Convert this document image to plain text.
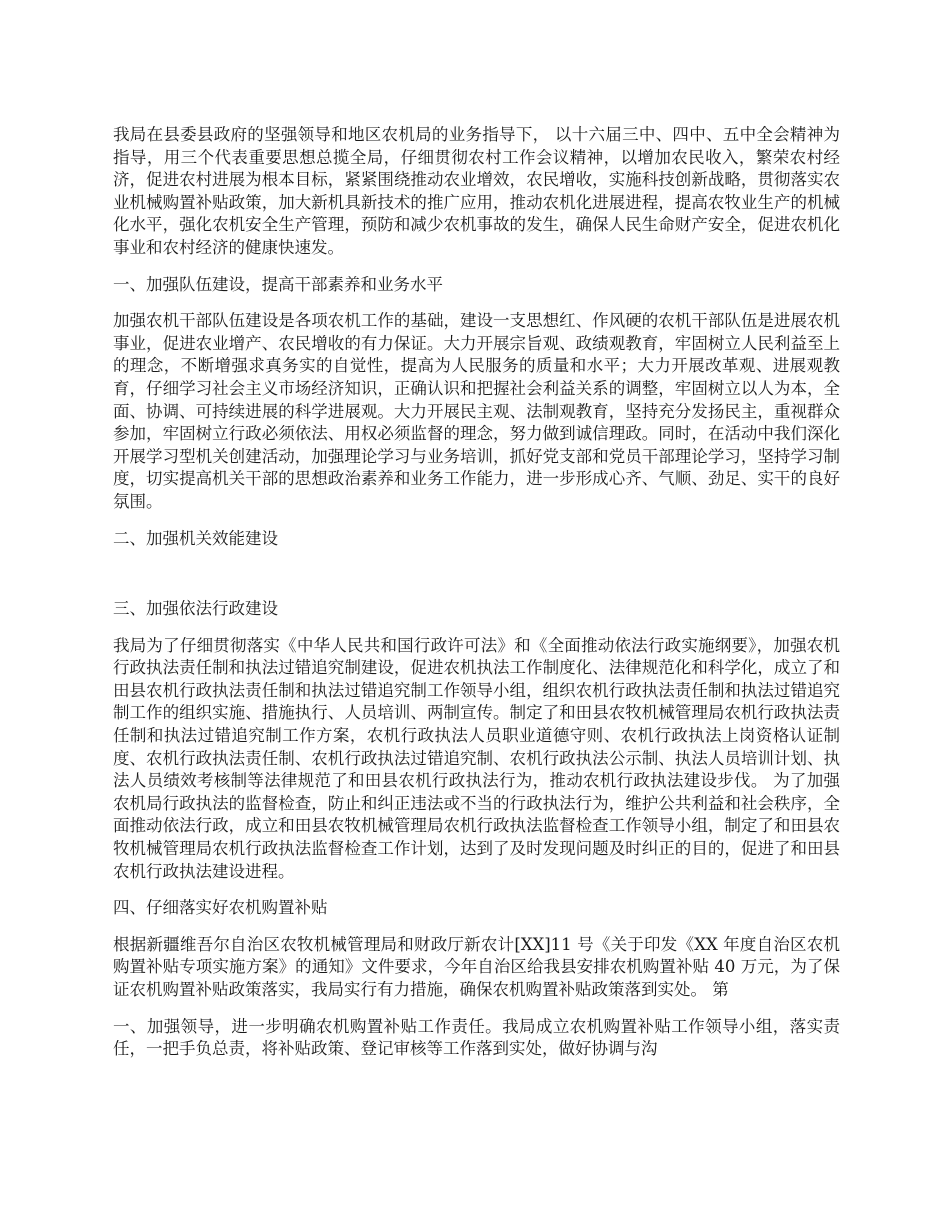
我局在县委县政府的坚强领导和地区农机局的业务指导下， 以十六届三中、四中、五中全会精神为指导，用三个代表重要思想总揽全局，仔细贯彻农村工作会议精神，以增加农民收入，繁荣农村经济，促进农村进展为根本目标，紧紧围绕推动农业增效，农民增收，实施科技创新战略，贯彻落实农业机械购置补贴政策，加大新机具新技术的推广应用，推动农机化进展进程，提高农牧业生产的机械化水平，强化农机安全生产管理，预防和减少农机事故的发生，确保人民生命财产安全，促进农机化事业和农村经济的健康快速发。

一、加强队伍建设，提高干部素养和业务水平

加强农机干部队伍建设是各项农机工作的基础，建设一支思想红、作风硬的农机干部队伍是进展农机事业，促进农业增产、农民增收的有力保证。大力开展宗旨观、政绩观教育，牢固树立人民利益至上的理念，不断增强求真务实的自觉性，提高为人民服务的质量和水平；大力开展改革观、进展观教育，仔细学习社会主义市场经济知识，正确认识和把握社会利益关系的调整，牢固树立以人为本，全面、协调、可持续进展的科学进展观。大力开展民主观、法制观教育，坚持充分发扬民主，重视群众参加，牢固树立行政必须依法、用权必须监督的理念，努力做到诚信理政。同时，在活动中我们深化开展学习型机关创建活动，加强理论学习与业务培训，抓好党支部和党员干部理论学习，坚持学习制度，切实提高机关干部的思想政治素养和业务工作能力，进一步形成心齐、气顺、劲足、实干的良好氛围。

二、加强机关效能建设

三、加强依法行政建设

我局为了仔细贯彻落实《中华人民共和国行政许可法》和《全面推动依法行政实施纲要》，加强农机行政执法责任制和执法过错追究制建设，促进农机执法工作制度化、法律规范化和科学化，成立了和田县农机行政执法责任制和执法过错追究制工作领导小组，组织农机行政执法责任制和执法过错追究制工作的组织实施、措施执行、人员培训、两制宣传。制定了和田县农牧机械管理局农机行政执法责任制和执法过错追究制工作方案，农机行政执法人员职业道德守则、农机行政执法上岗资格认证制度、农机行政执法责任制、农机行政执法过错追究制、农机行政执法公示制、执法人员培训计划、执法人员绩效考核制等法律规范了和田县农机行政执法行为，推动农机行政执法建设步伐。 为了加强农机局行政执法的监督检查，防止和纠正违法或不当的行政执法行为，维护公共利益和社会秩序，全面推动依法行政，成立和田县农牧机械管理局农机行政执法监督检查工作领导小组，制定了和田县农牧机械管理局农机行政执法监督检查工作计划，达到了及时发现问题及时纠正的目的，促进了和田县农机行政执法建设进程。

四、仔细落实好农机购置补贴

根据新疆维吾尔自治区农牧机械管理局和财政厅新农计[XX]11 号《关于印发《XX 年度自治区农机购置补贴专项实施方案》的通知》文件要求，今年自治区给我县安排农机购置补贴 40 万元，为了保证农机购置补贴政策落实，我局实行有力措施，确保农机购置补贴政策落到实处。 第

一、加强领导，进一步明确农机购置补贴工作责任。我局成立农机购置补贴工作领导小组，落实责任，一把手负总责，将补贴政策、登记审核等工作落到实处，做好协调与沟
